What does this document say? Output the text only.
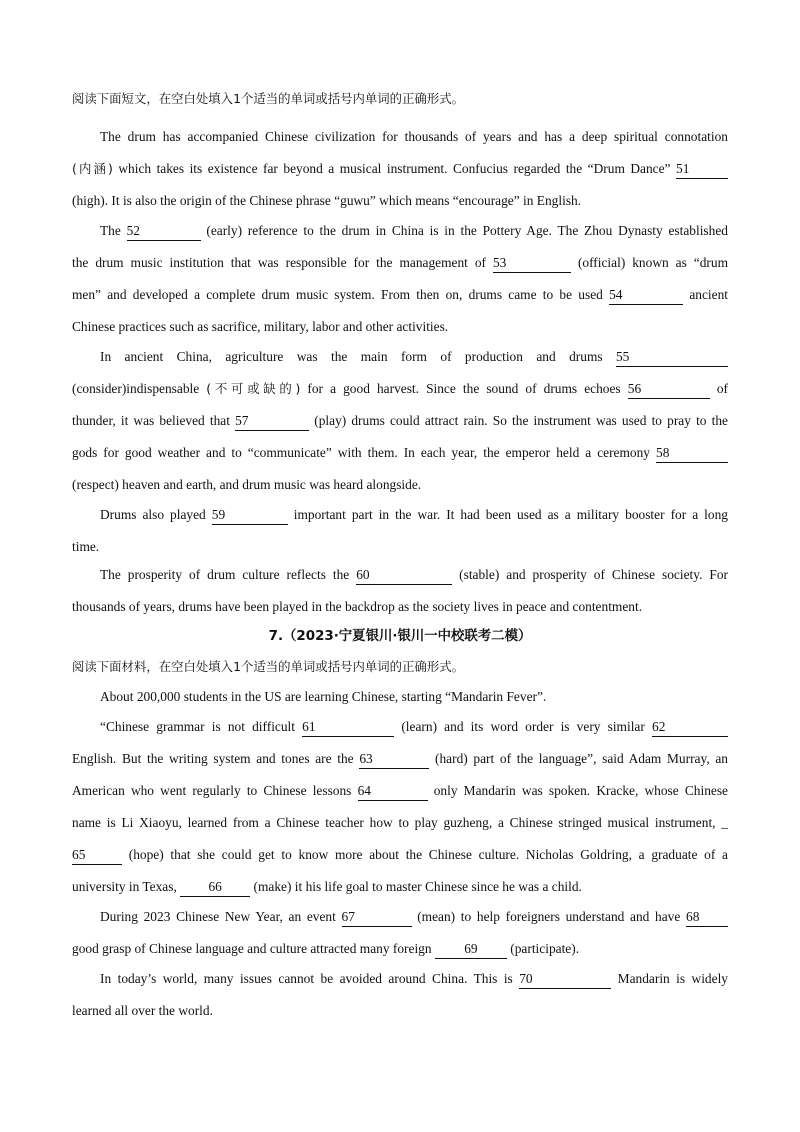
阅读下面短文，在空白处填入1个适当的单词或括号内单词的正确形式。
The drum has accompanied Chinese civilization for thousands of years and has a deep spiritual connotation
(内涵) which takes its existence far beyond a musical instrument. Confucius regarded the “Drum Dance” 51
(high). It is also the origin of the Chinese phrase “guwu” which means “encourage” in English.
The 52	(early) reference to the drum in China is in the Pottery Age. The Zhou Dynasty established
the drum music institution that was responsible for the management of 53	(official) known as “drum
men” and developed a complete drum music system. From then on, drums came to be used 54	ancient
Chinese practices such as sacrifice, military, labor and other activities.
In ancient China, agriculture was the main form of production and drums 55
(consider)indispensable (不可或缺的) for a good harvest. Since the sound of drums echoes 56	of
thunder, it was believed that 57	(play) drums could attract rain. So the instrument was used to pray to the
gods for good weather and to “communicate” with them. In each year, the emperor held a ceremony 58
(respect) heaven and earth, and drum music was heard alongside.
Drums also played 59	important part in the war. It had been used as a military booster for a long
time.
The prosperity of drum culture reflects the 60	(stable) and prosperity of Chinese society. For
thousands of years, drums have been played in the backdrop as the society lives in peace and contentment.
7.（2023·宁夏银川·银川一中校联考二模）
阅读下面材料，在空白处填入1个适当的单词或括号内单词的正确形式。
About 200,000 students in the US are learning Chinese, starting “Mandarin Fever”.
“Chinese grammar is not difficult 61	(learn) and its word order is very similar 62
English. But the writing system and tones are the 63	(hard) part of the language”, said Adam Murray, an
American who went regularly to Chinese lessons 64	only Mandarin was spoken. Kracke, whose Chinese
name is Li Xiaoyu, learned from a Chinese teacher how to play guzheng, a Chinese stringed musical instrument, _
65	(hope) that she could get to know more about the Chinese culture. Nicholas Goldring, a graduate of a
university in Texas, 66 (make) it his life goal to master Chinese since he was a child.
During 2023 Chinese New Year, an event 67	(mean) to help foreigners understand and have 68
good grasp of Chinese language and culture attracted many foreign 69 (participate).
In today’s world, many issues cannot be avoided around China. This is 70	Mandarin is widely
learned all over the world.
